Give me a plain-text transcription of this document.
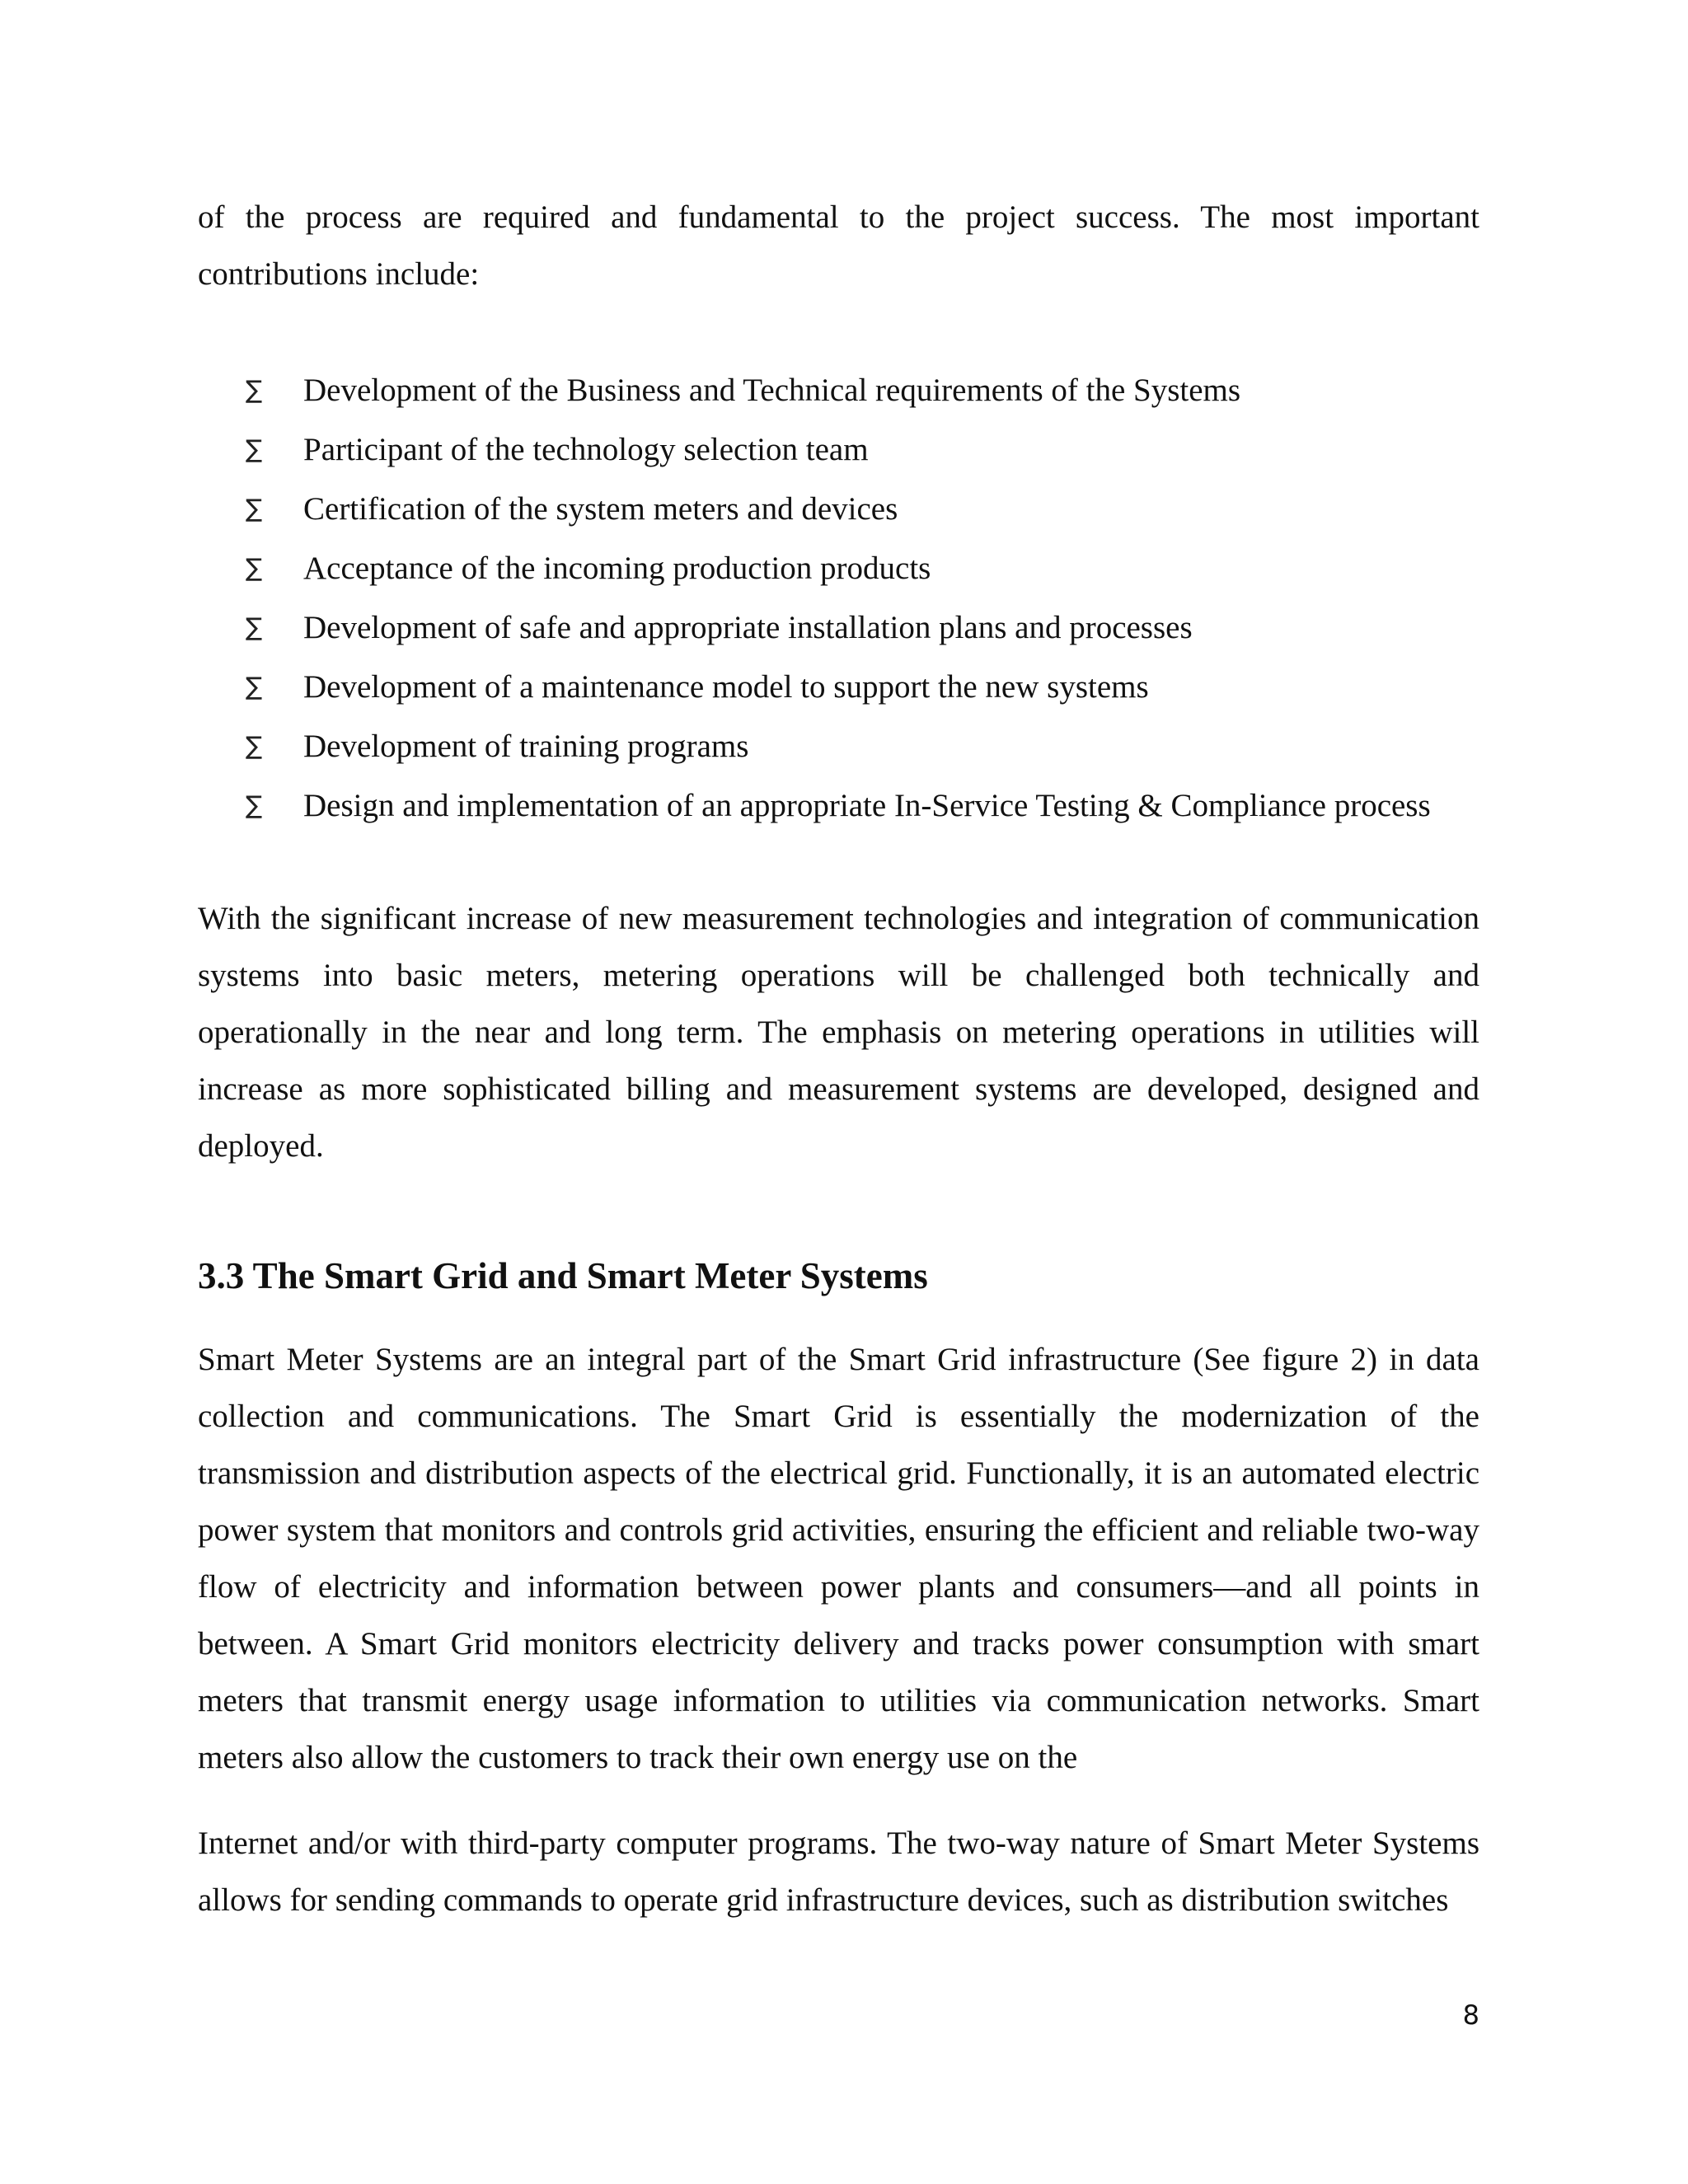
of the process are required and fundamental to the project success. The most important contributions include:

∑ Development of the Business and Technical requirements of the Systems
∑ Participant of the technology selection team
∑ Certification of the system meters and devices
∑ Acceptance of the incoming production products
∑ Development of safe and appropriate installation plans and processes
∑ Development of a maintenance model to support the new systems
∑ Development of training programs
∑ Design and implementation of an appropriate In-Service Testing & Compliance process

With the significant increase of new measurement technologies and integration of communication systems into basic meters, metering operations will be challenged both technically and operationally in the near and long term. The emphasis on metering operations in utilities will increase as more sophisticated billing and measurement systems are developed, designed and deployed.

3.3 The Smart Grid and Smart Meter Systems

Smart Meter Systems are an integral part of the Smart Grid infrastructure (See figure 2) in data collection and communications. The Smart Grid is essentially the modernization of the transmission and distribution aspects of the electrical grid. Functionally, it is an automated electric power system that monitors and controls grid activities, ensuring the efficient and reliable two-way flow of electricity and information between power plants and consumers—and all points in between. A Smart Grid monitors electricity delivery and tracks power consumption with smart meters that transmit energy usage information to utilities via communication networks. Smart meters also allow the customers to track their own energy use on the

Internet and/or with third-party computer programs. The two-way nature of Smart Meter Systems allows for sending commands to operate grid infrastructure devices, such as distribution switches

8
